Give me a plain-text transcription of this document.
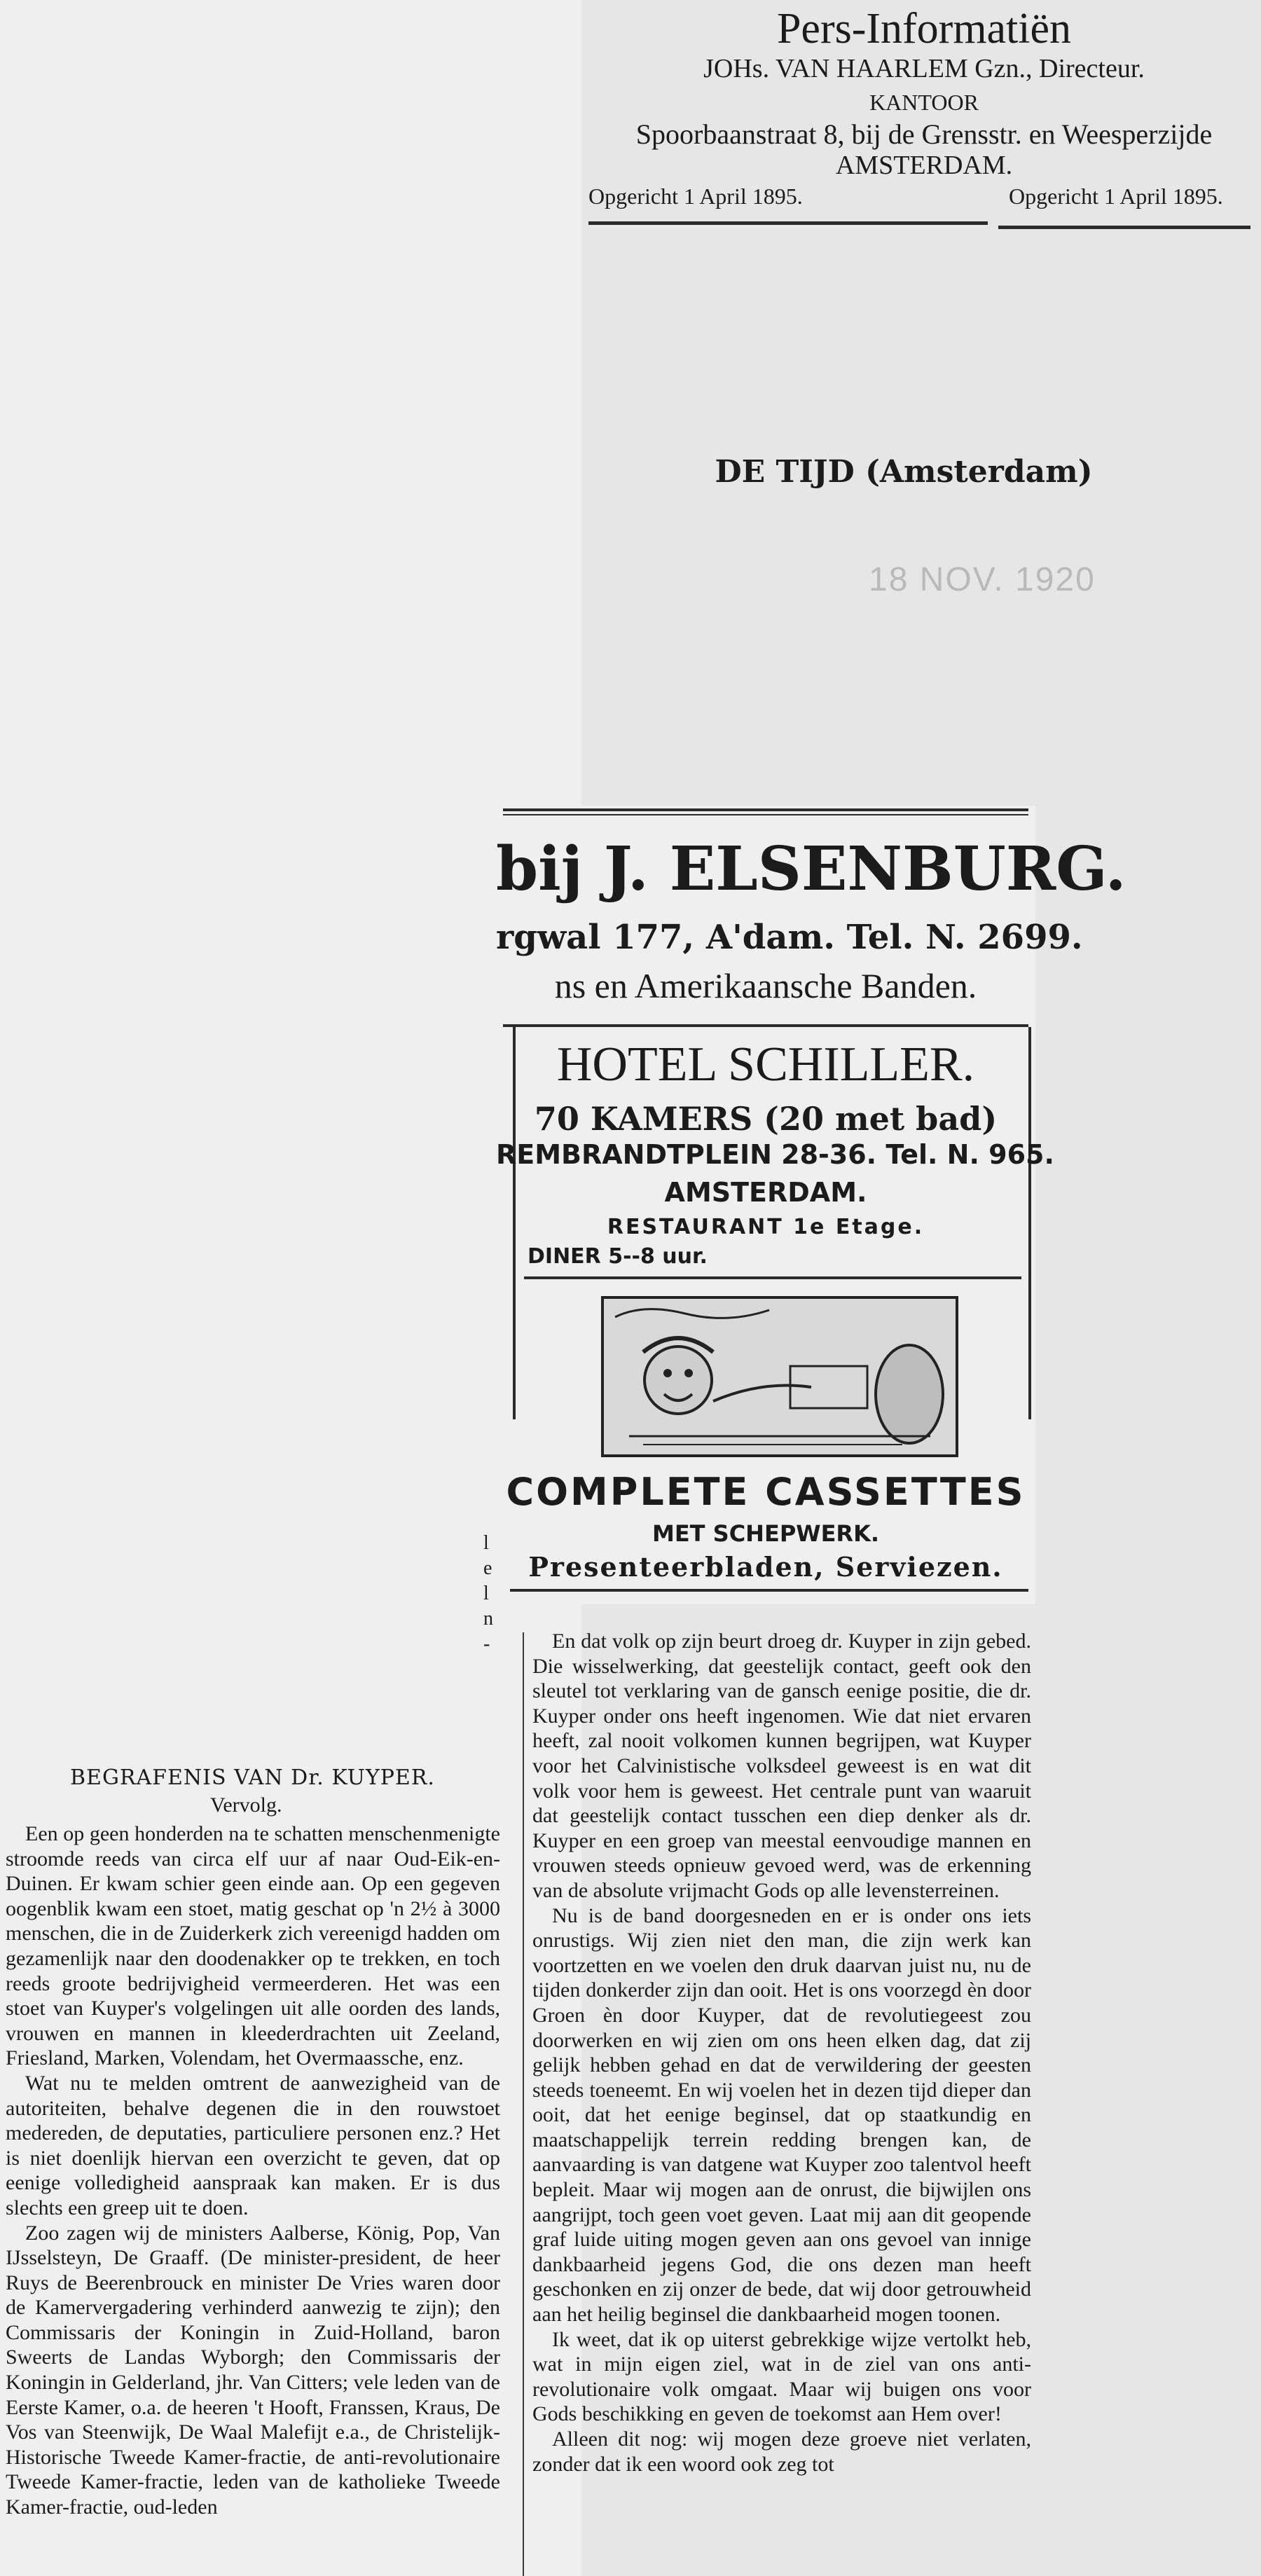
Pers-Informatiën
JOHs. VAN HAARLEM Gzn., Directeur.
KANTOOR
Spoorbaanstraat 8, bij de Grensstr. en Weesperzijde
AMSTERDAM.
Opgericht 1 April 1895.	Opgericht 1 April 1895.
DE TIJD (Amsterdam)
18 NOV. 1920
bij J. ELSENBURG.
rgwal 177, A'dam. Tel. N. 2699.
ns en Amerikaansche Banden.
HOTEL SCHILLER.
70 KAMERS (20 met bad)
REMBRANDTPLEIN 28-36. Tel. N. 965.
AMSTERDAM.
RESTAURANT 1e Etage.
DINER 5--8 uur.
COMPLETE CASSETTES
MET SCHEPWERK.
Presenteerbladen, Serviezen.
l
e
l
n
-
BEGRAFENIS VAN Dr. KUYPER.
Vervolg.

Een op geen honderden na te schatten menschenmenigte stroomde reeds van circa elf uur af naar Oud-Eik-en-Duinen. Er kwam schier geen einde aan. Op een gegeven oogenblik kwam een stoet, matig geschat op 'n 2½ à 3000 menschen, die in de Zuiderkerk zich vereenigd hadden om gezamenlijk naar den doodenakker op te trekken, en toch reeds groote bedrijvigheid vermeerderen. Het was een stoet van Kuyper's volgelingen uit alle oorden des lands, vrouwen en mannen in kleederdrachten uit Zeeland, Friesland, Marken, Volendam, het Overmaassche, enz.

Wat nu te melden omtrent de aanwezigheid van de autoriteiten, behalve degenen die in den rouwstoet medereden, de deputaties, particuliere personen enz.? Het is niet doenlijk hiervan een overzicht te geven, dat op eenige volledigheid aanspraak kan maken. Er is dus slechts een greep uit te doen.

Zoo zagen wij de ministers Aalberse, König, Pop, Van IJsselsteyn, De Graaff. (De minister-president, de heer Ruys de Beerenbrouck en minister De Vries waren door de Kamervergadering verhinderd aanwezig te zijn); den Commissaris der Koningin in Zuid-Holland, baron Sweerts de Landas Wyborgh; den Commissaris der Koningin in Gelderland, jhr. Van Citters; vele leden van de Eerste Kamer, o.a. de heeren 't Hooft, Franssen, Kraus, De Vos van Steenwijk, De Waal Malefijt e.a., de Christelijk-Historische Tweede Kamer-fractie, de anti-revolutionaire Tweede Kamer-fractie, leden van de katholieke Tweede Kamer-fractie, oud-leden

En dat volk op zijn beurt droeg dr. Kuyper in zijn gebed. Die wisselwerking, dat geestelijk contact, geeft ook den sleutel tot verklaring van de gansch eenige positie, die dr. Kuyper onder ons heeft ingenomen. Wie dat niet ervaren heeft, zal nooit volkomen kunnen begrijpen, wat Kuyper voor het Calvinistische volksdeel geweest is en wat dit volk voor hem is geweest. Het centrale punt van waaruit dat geestelijk contact tusschen een diep denker als dr. Kuyper en een groep van meestal eenvoudige mannen en vrouwen steeds opnieuw gevoed werd, was de erkenning van de absolute vrijmacht Gods op alle levensterreinen.

Nu is de band doorgesneden en er is onder ons iets onrustigs. Wij zien niet den man, die zijn werk kan voortzetten en we voelen den druk daarvan juist nu, nu de tijden donkerder zijn dan ooit. Het is ons voorzegd èn door Groen èn door Kuyper, dat de revolutiegeest zou doorwerken en wij zien om ons heen elken dag, dat zij gelijk hebben gehad en dat de verwildering der geesten steeds toeneemt. En wij voelen het in dezen tijd dieper dan ooit, dat het eenige beginsel, dat op staatkundig en maatschappelijk terrein redding brengen kan, de aanvaarding is van datgene wat Kuyper zoo talentvol heeft bepleit. Maar wij mogen aan de onrust, die bijwijlen ons aangrijpt, toch geen voet geven. Laat mij aan dit geopende graf luide uiting mogen geven aan ons gevoel van innige dankbaarheid jegens God, die ons dezen man heeft geschonken en zij onzer de bede, dat wij door getrouwheid aan het heilig beginsel die dankbaarheid mogen toonen.

Ik weet, dat ik op uiterst gebrekkige wijze vertolkt heb, wat in mijn eigen ziel, wat in de ziel van ons anti-revolutionaire volk omgaat. Maar wij buigen ons voor Gods beschikking en geven de toekomst aan Hem over!

Alleen dit nog: wij mogen deze groeve niet verlaten, zonder dat ik een woord ook zeg tot
